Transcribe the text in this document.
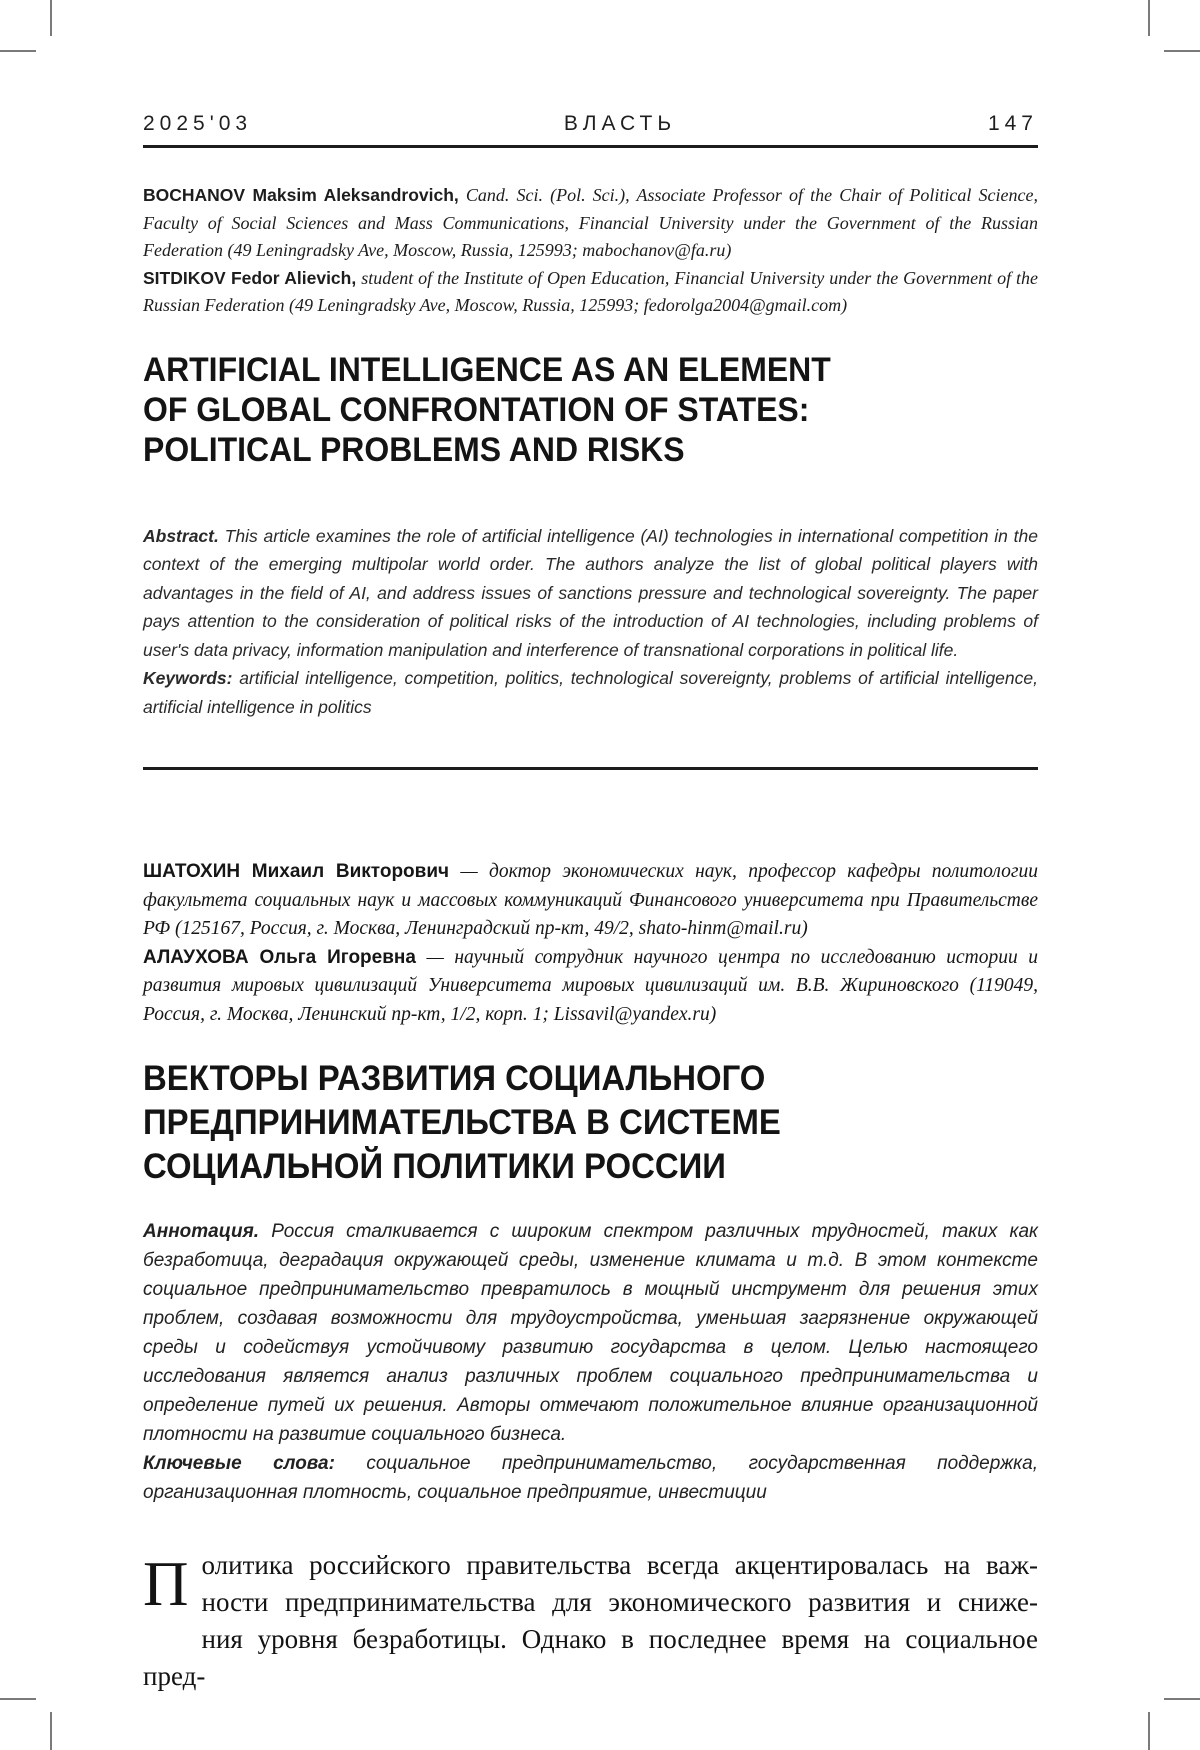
2025'03	ВЛАСТЬ	147

BOCHANOV Maksim Aleksandrovich, Cand. Sci. (Pol. Sci.), Associate Professor of the Chair of Political Science, Faculty of Social Sciences and Mass Communications, Financial University under the Government of the Russian Federation (49 Leningradsky Ave, Moscow, Russia, 125993; mabochanov@fa.ru)

SITDIKOV Fedor Alievich, student of the Institute of Open Education, Financial University under the Government of the Russian Federation (49 Leningradsky Ave, Moscow, Russia, 125993; fedorolga2004@gmail.com)

ARTIFICIAL INTELLIGENCE AS AN ELEMENT
OF GLOBAL CONFRONTATION OF STATES:
POLITICAL PROBLEMS AND RISKS

Abstract. This article examines the role of artificial intelligence (AI) technologies in international competition in the context of the emerging multipolar world order. The authors analyze the list of global political players with advantages in the field of AI, and address issues of sanctions pressure and technological sovereignty. The paper pays attention to the consideration of political risks of the introduction of AI technologies, including problems of user's data privacy, information manipulation and interference of transnational corporations in political life.

Keywords: artificial intelligence, competition, politics, technological sovereignty, problems of artificial intelligence, artificial intelligence in politics

ШАТОХИН Михаил Викторович — доктор экономических наук, профессор кафедры политологии факультета социальных наук и массовых коммуникаций Финансового университета при Правительстве РФ (125167, Россия, г. Москва, Ленинградский пр-кт, 49/2, shato-hinm@mail.ru)

АЛАУХОВА Ольга Игоревна — научный сотрудник научного центра по исследованию истории и развития мировых цивилизаций Университета мировых цивилизаций им. В.В. Жириновского (119049, Россия, г. Москва, Ленинский пр-кт, 1/2, корп. 1; Lissavil@yandex.ru)

ВЕКТОРЫ РАЗВИТИЯ СОЦИАЛЬНОГО
ПРЕДПРИНИМАТЕЛЬСТВА В СИСТЕМЕ
СОЦИАЛЬНОЙ ПОЛИТИКИ РОССИИ

Аннотация. Россия сталкивается с широким спектром различных трудностей, таких как безработица, деградация окружающей среды, изменение климата и т.д. В этом контексте социальное предпринимательство превратилось в мощный инструмент для решения этих проблем, создавая возможности для трудоустройства, уменьшая загрязнение окружающей среды и содействуя устойчивому развитию государства в целом. Целью настоящего исследования является анализ различных проблем социального предпринимательства и определение путей их решения. Авторы отмечают положительное влияние организационной плотности на развитие социального бизнеса.

Ключевые слова: социальное предпринимательство, государственная поддержка, организационная плотность, социальное предприятие, инвестиции

П олитика российского правительства всегда акцентировалась на важ-
ности предпринимательства для экономического развития и сниже-
ния уровня безработицы. Однако в последнее время на социальное пред-
